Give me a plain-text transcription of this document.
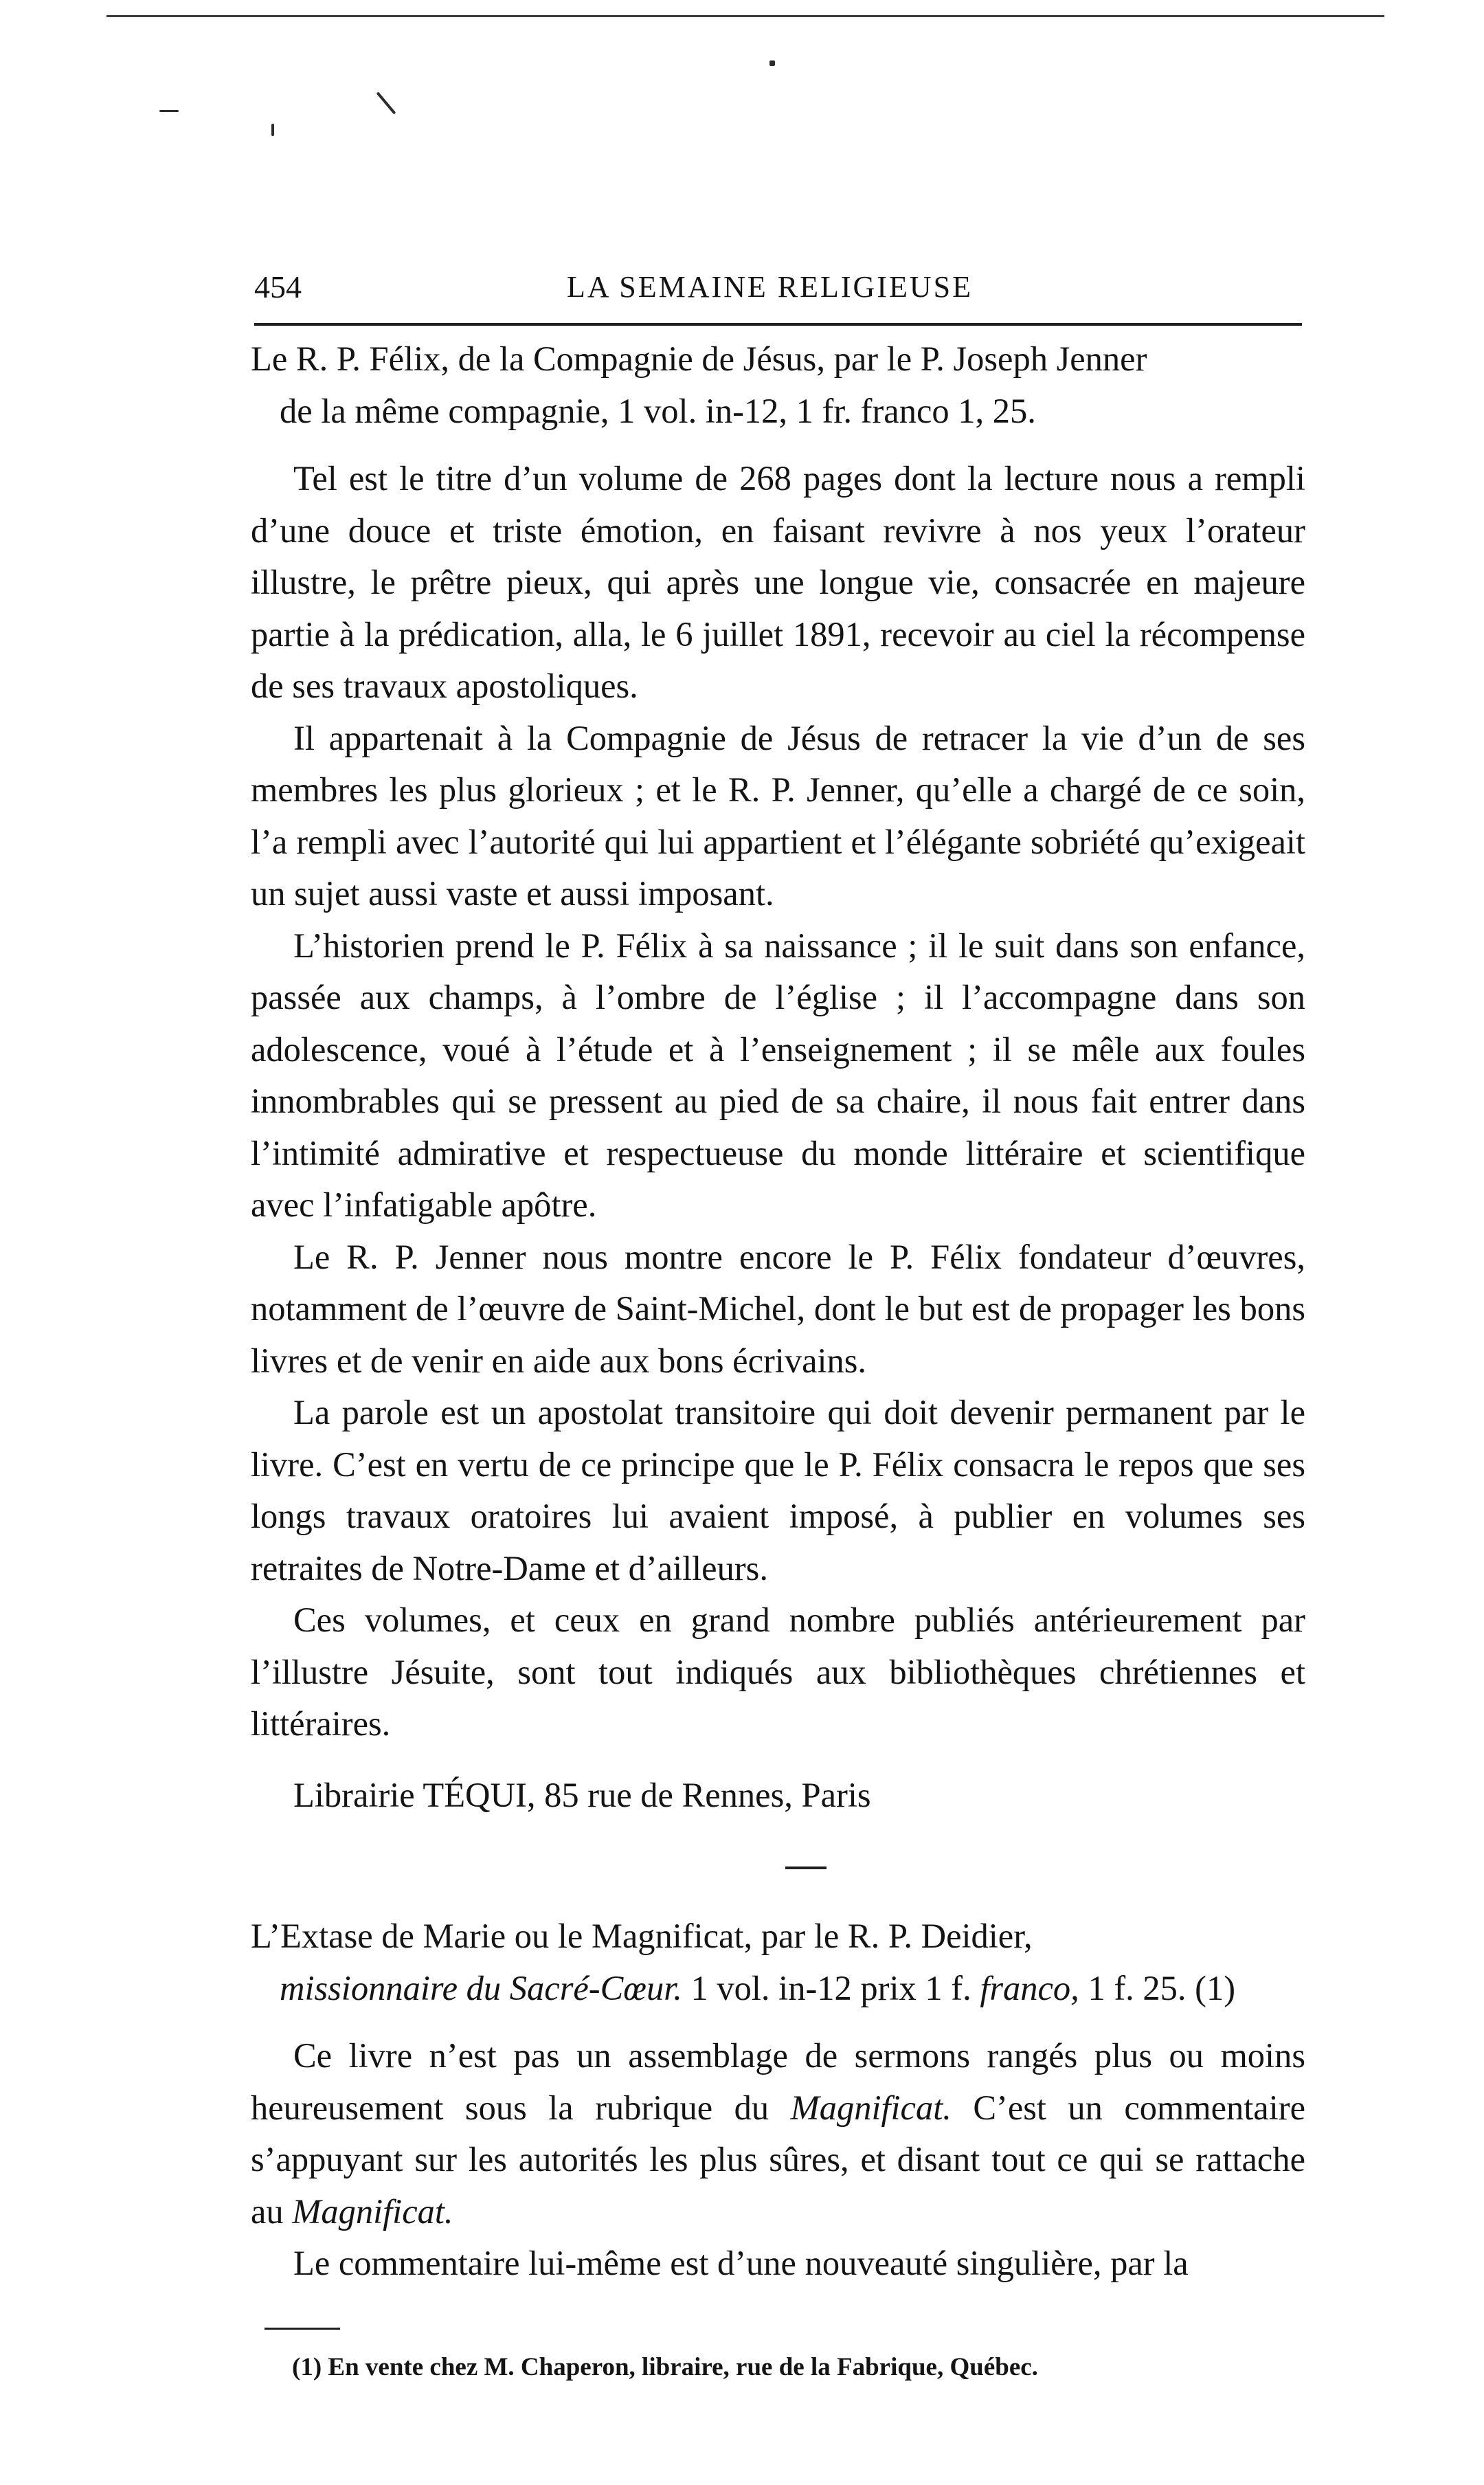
454	LA SEMAINE RELIGIEUSE

Le R. P. Félix, de la Compagnie de Jésus, par le P. Joseph Jenner
de la même compagnie, 1 vol. in-12, 1 fr. franco 1, 25.

Tel est le titre d’un volume de 268 pages dont la lecture nous a rempli d’une douce et triste émotion, en faisant revivre à nos yeux l’orateur illustre, le prêtre pieux, qui après une longue vie, consacrée en majeure partie à la prédication, alla, le 6 juillet 1891, recevoir au ciel la récompense de ses travaux apostoliques.

Il appartenait à la Compagnie de Jésus de retracer la vie d’un de ses membres les plus glorieux ; et le R. P. Jenner, qu’elle a chargé de ce soin, l’a rempli avec l’autorité qui lui appartient et l’élégante sobriété qu’exigeait un sujet aussi vaste et aussi imposant.

L’historien prend le P. Félix à sa naissance ; il le suit dans son enfance, passée aux champs, à l’ombre de l’église ; il l’accompagne dans son adolescence, voué à l’étude et à l’enseignement ; il se mêle aux foules innombrables qui se pressent au pied de sa chaire, il nous fait entrer dans l’intimité admirative et respectueuse du monde littéraire et scientifique avec l’infatigable apôtre.

Le R. P. Jenner nous montre encore le P. Félix fondateur d’œuvres, notamment de l’œuvre de Saint-Michel, dont le but est de propager les bons livres et de venir en aide aux bons écrivains.

La parole est un apostolat transitoire qui doit devenir permanent par le livre. C’est en vertu de ce principe que le P. Félix consacra le repos que ses longs travaux oratoires lui avaient imposé, à publier en volumes ses retraites de Notre-Dame et d’ailleurs.

Ces volumes, et ceux en grand nombre publiés antérieurement par l’illustre Jésuite, sont tout indiqués aux bibliothèques chrétiennes et littéraires.

Librairie TÉQUI, 85 rue de Rennes, Paris

L’Extase de Marie ou le Magnificat, par le R. P. Deidier,
missionnaire du Sacré-Cœur. 1 vol. in-12 prix 1 f. franco, 1 f. 25. (1)

Ce livre n’est pas un assemblage de sermons rangés plus ou moins heureusement sous la rubrique du Magnificat. C’est un commentaire s’appuyant sur les autorités les plus sûres, et disant tout ce qui se rattache au Magnificat.

Le commentaire lui-même est d’une nouveauté singulière, par la

(1) En vente chez M. Chaperon, libraire, rue de la Fabrique, Québec.
